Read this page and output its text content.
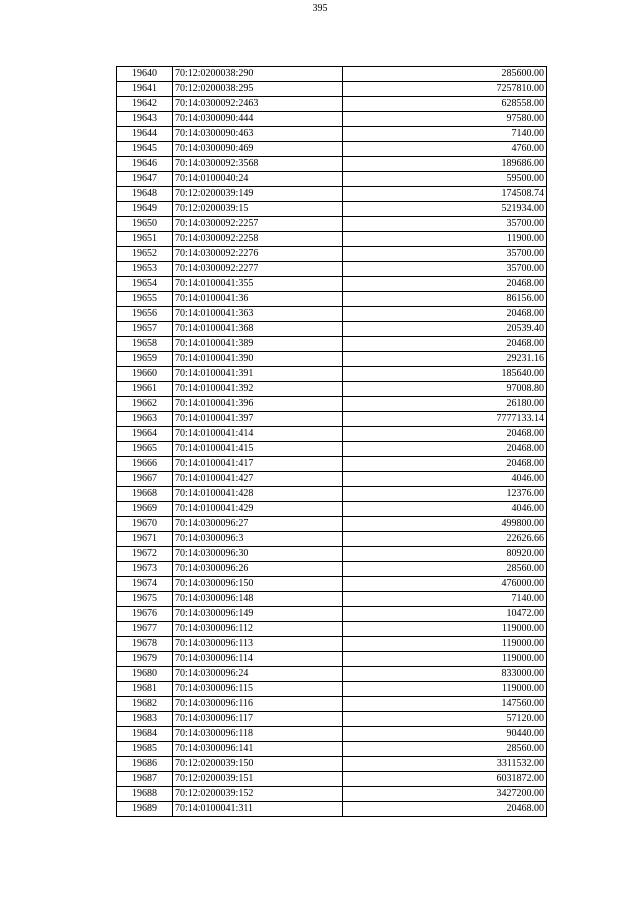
395
19640	70:12:0200038:290	285600.00
19641	70:12:0200038:295	7257810.00
19642	70:14:0300092:2463	628558.00
19643	70:14:0300090:444	97580.00
19644	70:14:0300090:463	7140.00
19645	70:14:0300090:469	4760.00
19646	70:14:0300092:3568	189686.00
19647	70:14:0100040:24	59500.00
19648	70:12:0200039:149	174508.74
19649	70:12:0200039:15	521934.00
19650	70:14:0300092:2257	35700.00
19651	70:14:0300092:2258	11900.00
19652	70:14:0300092:2276	35700.00
19653	70:14:0300092:2277	35700.00
19654	70:14:0100041:355	20468.00
19655	70:14:0100041:36	86156.00
19656	70:14:0100041:363	20468.00
19657	70:14:0100041:368	20539.40
19658	70:14:0100041:389	20468.00
19659	70:14:0100041:390	29231.16
19660	70:14:0100041:391	185640.00
19661	70:14:0100041:392	97008.80
19662	70:14:0100041:396	26180.00
19663	70:14:0100041:397	7777133.14
19664	70:14:0100041:414	20468.00
19665	70:14:0100041:415	20468.00
19666	70:14:0100041:417	20468.00
19667	70:14:0100041:427	4046.00
19668	70:14:0100041:428	12376.00
19669	70:14:0100041:429	4046.00
19670	70:14:0300096:27	499800.00
19671	70:14:0300096:3	22626.66
19672	70:14:0300096:30	80920.00
19673	70:14:0300096:26	28560.00
19674	70:14:0300096:150	476000.00
19675	70:14:0300096:148	7140.00
19676	70:14:0300096:149	10472.00
19677	70:14:0300096:112	119000.00
19678	70:14:0300096:113	119000.00
19679	70:14:0300096:114	119000.00
19680	70:14:0300096:24	833000.00
19681	70:14:0300096:115	119000.00
19682	70:14:0300096:116	147560.00
19683	70:14:0300096:117	57120.00
19684	70:14:0300096:118	90440.00
19685	70:14:0300096:141	28560.00
19686	70:12:0200039:150	3311532.00
19687	70:12:0200039:151	6031872.00
19688	70:12:0200039:152	3427200.00
19689	70:14:0100041:311	20468.00
